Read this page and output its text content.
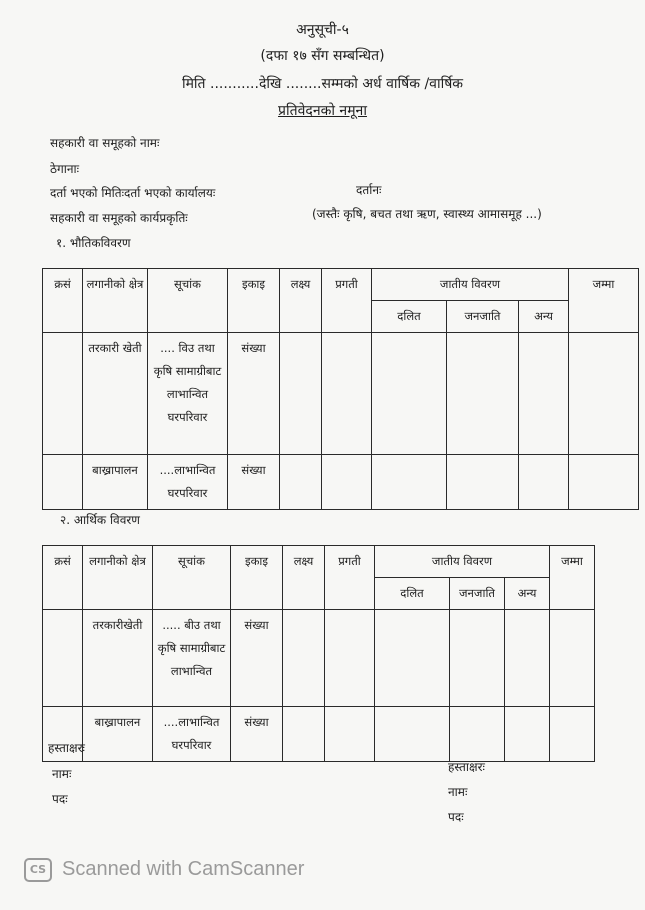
अनुसूची-५
(दफा १७ सँग सम्बन्धित)
मिति ...........देखि ........सम्मको अर्ध वार्षिक /वार्षिक
प्रतिवेदनको नमूना
सहकारी वा समूहको नामः
ठेगानाः
दर्ता भएको मितिःदर्ता भएको कार्यालयः	दर्तानः
सहकारी वा समूहको कार्यप्रकृतिः	(जस्तैः कृषि, बचत तथा ऋण, स्वास्थ्य आमासमूह ...)
१. भौतिकविवरण
क्रसं	लगानीको क्षेत्र	सूचांक	इकाइ	लक्ष्य	प्रगती	जातीय विवरण			जम्मा
						दलित	जनजाति	अन्य	
	तरकारी खेती	.... विउ तथा कृषि सामाग्रीबाट लाभान्वित घरपरिवार	संख्या						
	बाख्रापालन	....लाभान्वित घरपरिवार	संख्या						
२. आर्थिक विवरण
क्रसं	लगानीको क्षेत्र	सूचांक	इकाइ	लक्ष्य	प्रगती	जातीय विवरण			जम्मा
						दलित	जनजाति	अन्य	
	तरकारीखेती	..... बीउ तथा कृषि सामाग्रीबाट लाभान्वित	संख्या						
	बाख्रापालन	....लाभान्वित घरपरिवार	संख्या						
हस्ताक्षरः
नामः
पदः
हस्ताक्षरः
नामः
पदः
CS Scanned with CamScanner
